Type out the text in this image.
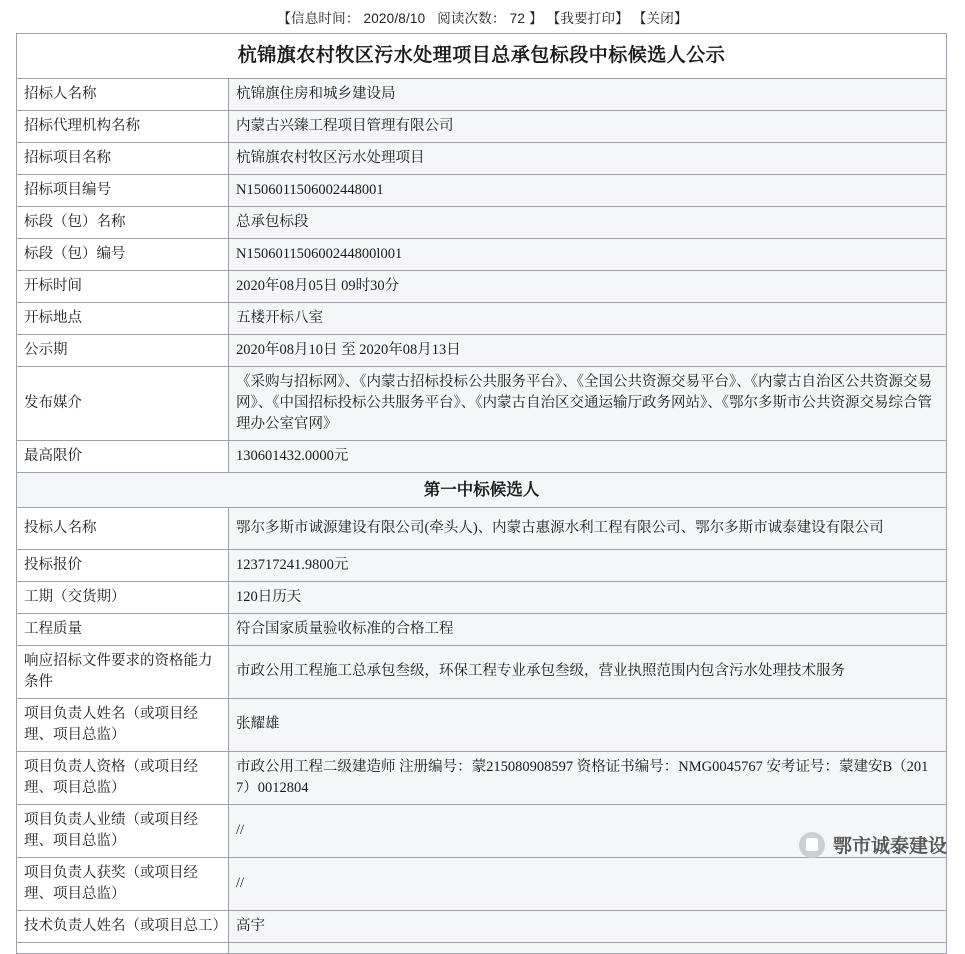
【信息时间： 2020/8/10 阅读次数： 72 】 【我要打印】 【关闭】
杭锦旗农村牧区污水处理项目总承包标段中标候选人公示	
招标人名称	杭锦旗住房和城乡建设局
招标代理机构名称	内蒙古兴臻工程项目管理有限公司
招标项目名称	杭锦旗农村牧区污水处理项目
招标项目编号	N1506011506002448001
标段（包）名称	总承包标段
标段（包）编号	N150601150600244800l001
开标时间	2020年08月05日 09时30分
开标地点	五楼开标八室
公示期	2020年08月10日 至 2020年08月13日
发布媒介	《采购与招标网》、《内蒙古招标投标公共服务平台》、《全国公共资源交易平台》、《内蒙古自治区公共资源交易网》、《中国招标投标公共服务平台》、《内蒙古自治区交通运输厅政务网站》、《鄂尔多斯市公共资源交易综合管理办公室官网》
最高限价	130601432.0000元
第一中标候选人	
投标人名称	鄂尔多斯市诚源建设有限公司(牵头人)、内蒙古惠源水利工程有限公司、鄂尔多斯市诚泰建设有限公司
投标报价	123717241.9800元
工期（交货期）	120日历天
工程质量	符合国家质量验收标准的合格工程
响应招标文件要求的资格能力条件	市政公用工程施工总承包叁级，环保工程专业承包叁级，营业执照范围内包含污水处理技术服务
项目负责人姓名（或项目经理、项目总监）	张耀雄
项目负责人资格（或项目经理、项目总监）	市政公用工程二级建造师 注册编号：蒙215080908597 资格证书编号：NMG0045767 安考证号：蒙建安B（2017）0012804
项目负责人业绩（或项目经理、项目总监）	//
项目负责人获奖（或项目经理、项目总监）	//
技术负责人姓名（或项目总工）	高宇

鄂市诚泰建设
